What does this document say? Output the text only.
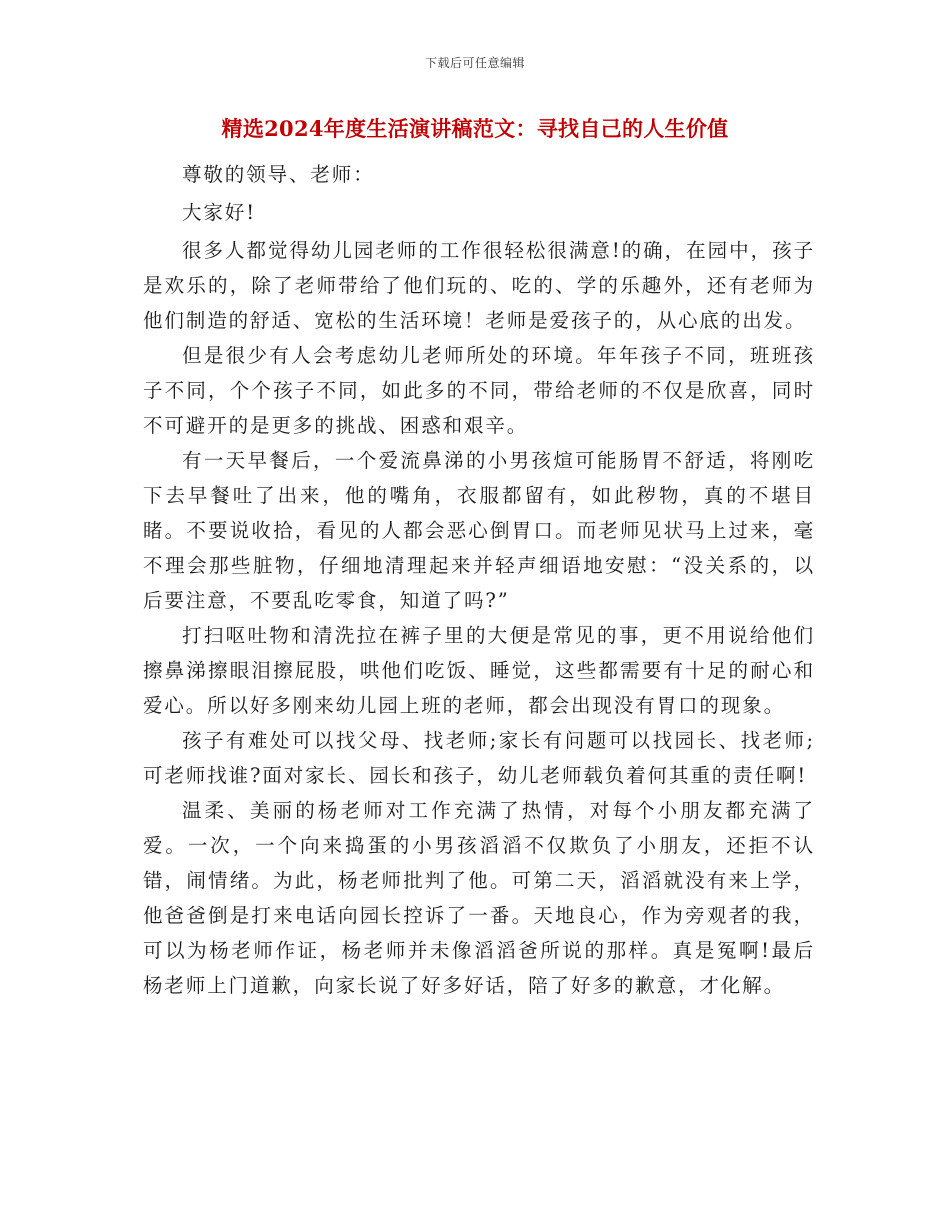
下载后可任意编辑
精选2024年度生活演讲稿范文：寻找自己的人生价值

尊敬的领导、老师：

大家好!

很多人都觉得幼儿园老师的工作很轻松很满意!的确，在园中，孩子是欢乐的，除了老师带给了他们玩的、吃的、学的乐趣外，还有老师为他们制造的舒适、宽松的生活环境！老师是爱孩子的，从心底的出发。

但是很少有人会考虑幼儿老师所处的环境。年年孩子不同，班班孩子不同，个个孩子不同，如此多的不同，带给老师的不仅是欣喜，同时不可避开的是更多的挑战、困惑和艰辛。

有一天早餐后，一个爱流鼻涕的小男孩煊可能肠胃不舒适，将刚吃下去早餐吐了出来，他的嘴角，衣服都留有，如此秽物，真的不堪目睹。不要说收拾，看见的人都会恶心倒胃口。而老师见状马上过来，毫不理会那些脏物，仔细地清理起来并轻声细语地安慰：“没关系的，以后要注意，不要乱吃零食，知道了吗?”

打扫呕吐物和清洗拉在裤子里的大便是常见的事，更不用说给他们擦鼻涕擦眼泪擦屁股，哄他们吃饭、睡觉，这些都需要有十足的耐心和爱心。所以好多刚来幼儿园上班的老师，都会出现没有胃口的现象。

孩子有难处可以找父母、找老师;家长有问题可以找园长、找老师;可老师找谁?面对家长、园长和孩子，幼儿老师载负着何其重的责任啊!

温柔、美丽的杨老师对工作充满了热情，对每个小朋友都充满了爱。一次，一个向来捣蛋的小男孩滔滔不仅欺负了小朋友，还拒不认错，闹情绪。为此，杨老师批判了他。可第二天，滔滔就没有来上学，他爸爸倒是打来电话向园长控诉了一番。天地良心，作为旁观者的我，可以为杨老师作证，杨老师并未像滔滔爸所说的那样。真是冤啊!最后杨老师上门道歉，向家长说了好多好话，陪了好多的歉意，才化解。
